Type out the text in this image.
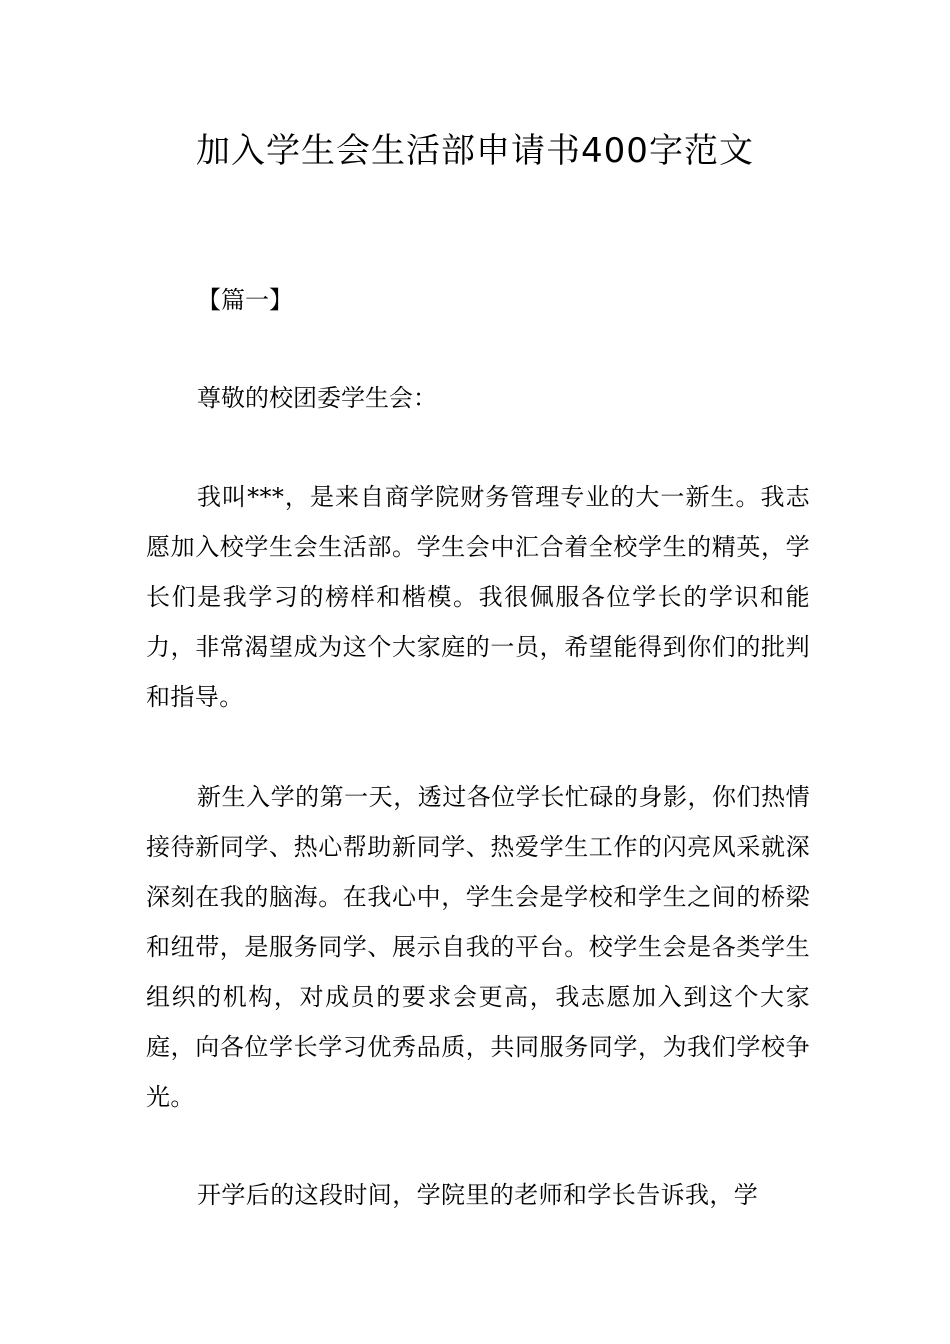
加入学生会生活部申请书400字范文

【篇一】

尊敬的校团委学生会：

我叫***，是来自商学院财务管理专业的大一新生。我志愿加入校学生会生活部。学生会中汇合着全校学生的精英，学长们是我学习的榜样和楷模。我很佩服各位学长的学识和能力，非常渴望成为这个大家庭的一员，希望能得到你们的批判和指导。

新生入学的第一天，透过各位学长忙碌的身影，你们热情接待新同学、热心帮助新同学、热爱学生工作的闪亮风采就深深刻在我的脑海。在我心中，学生会是学校和学生之间的桥梁和纽带，是服务同学、展示自我的平台。校学生会是各类学生组织的机构，对成员的要求会更高，我志愿加入到这个大家庭，向各位学长学习优秀品质，共同服务同学，为我们学校争光。

开学后的这段时间，学院里的老师和学长告诉我，学
